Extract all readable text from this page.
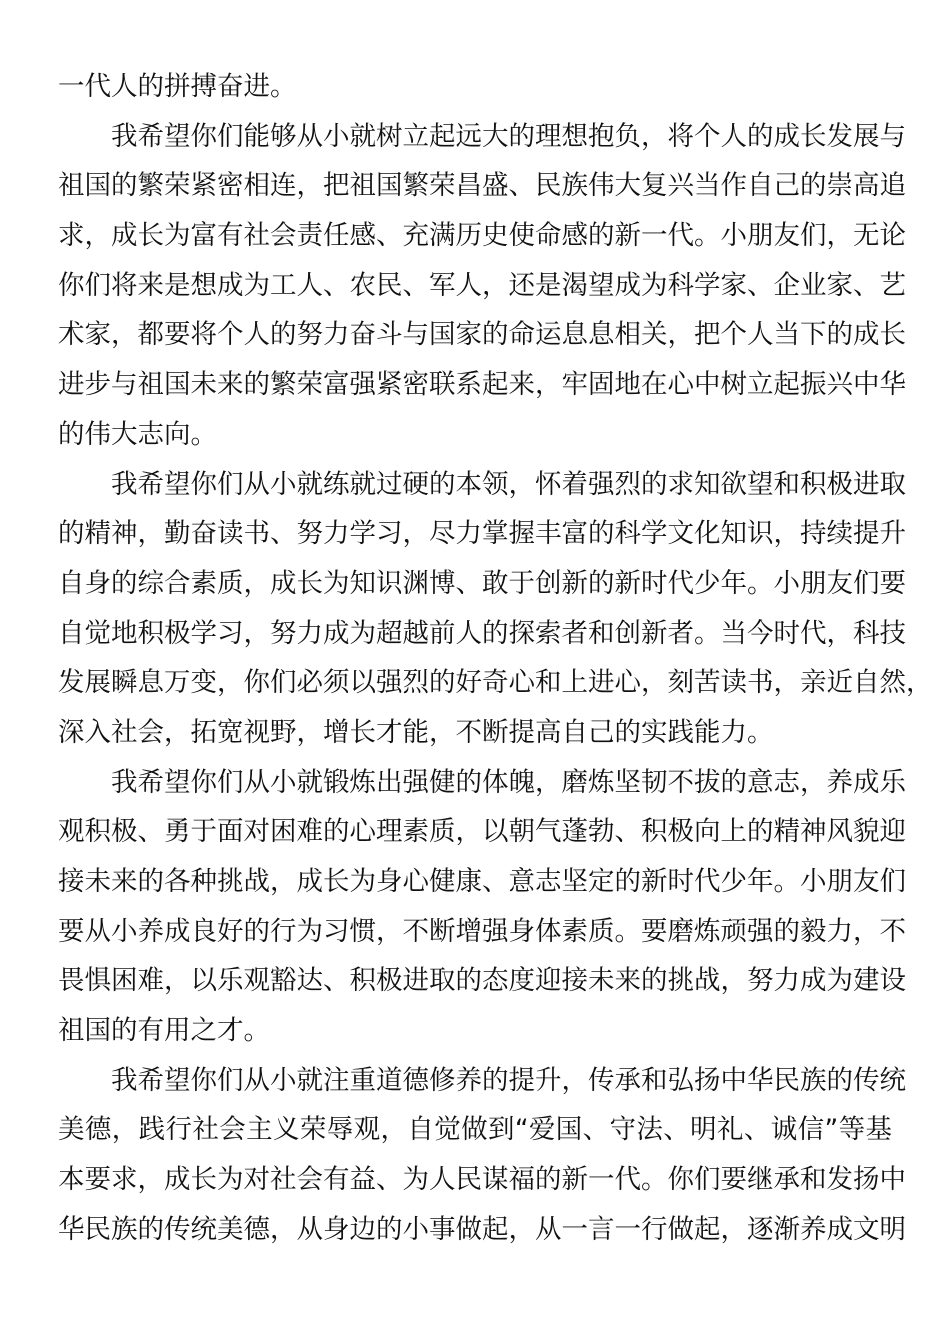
一代人的拼搏奋进。
我希望你们能够从小就树立起远大的理想抱负，将个人的成长发展与
祖国的繁荣紧密相连，把祖国繁荣昌盛、民族伟大复兴当作自己的崇高追
求，成长为富有社会责任感、充满历史使命感的新一代。小朋友们，无论
你们将来是想成为工人、农民、军人，还是渴望成为科学家、企业家、艺
术家，都要将个人的努力奋斗与国家的命运息息相关，把个人当下的成长
进步与祖国未来的繁荣富强紧密联系起来，牢固地在心中树立起振兴中华
的伟大志向。
我希望你们从小就练就过硬的本领，怀着强烈的求知欲望和积极进取
的精神，勤奋读书、努力学习，尽力掌握丰富的科学文化知识，持续提升
自身的综合素质，成长为知识渊博、敢于创新的新时代少年。小朋友们要
自觉地积极学习，努力成为超越前人的探索者和创新者。当今时代，科技
发展瞬息万变，你们必须以强烈的好奇心和上进心，刻苦读书，亲近自然，
深入社会，拓宽视野，增长才能，不断提高自己的实践能力。
我希望你们从小就锻炼出强健的体魄，磨炼坚韧不拔的意志，养成乐
观积极、勇于面对困难的心理素质，以朝气蓬勃、积极向上的精神风貌迎
接未来的各种挑战，成长为身心健康、意志坚定的新时代少年。小朋友们
要从小养成良好的行为习惯，不断增强身体素质。要磨炼顽强的毅力，不
畏惧困难，以乐观豁达、积极进取的态度迎接未来的挑战，努力成为建设
祖国的有用之才。
我希望你们从小就注重道德修养的提升，传承和弘扬中华民族的传统
美德，践行社会主义荣辱观，自觉做到“爱国、守法、明礼、诚信”等基
本要求，成长为对社会有益、为人民谋福的新一代。你们要继承和发扬中
华民族的传统美德，从身边的小事做起，从一言一行做起，逐渐养成文明
